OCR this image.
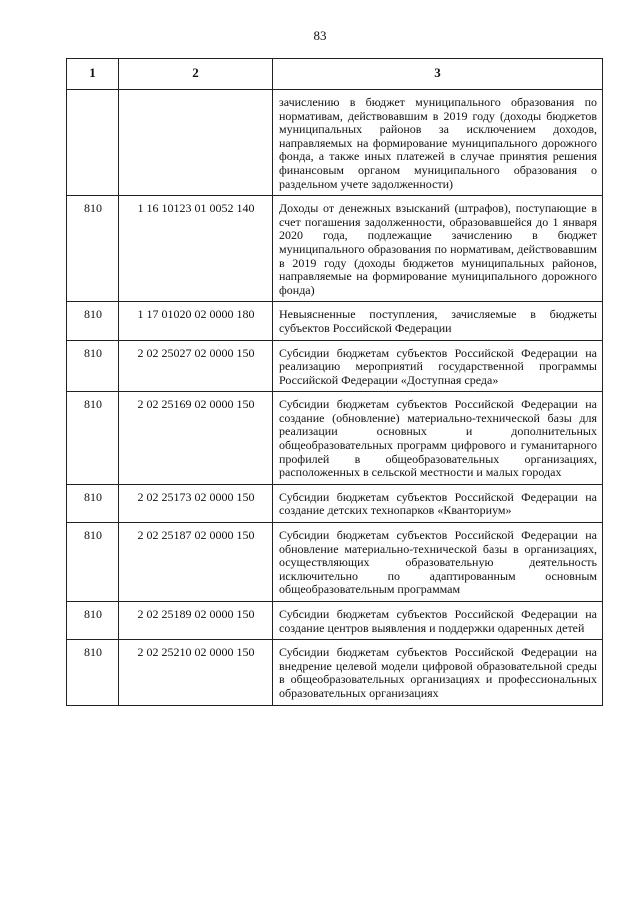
83
1	2	3
		зачислению в бюджет муниципального образования по нормативам, действовавшим в 2019 году (доходы бюджетов муниципальных районов за исключением доходов, направляемых на формирование муниципального дорожного фонда, а также иных платежей в случае принятия решения финансовым органом муниципального образования о раздельном учете задолженности)
810	1 16 10123 01 0052 140	Доходы от денежных взысканий (штрафов), поступающие в счет погашения задолженности, образовавшейся до 1 января 2020 года, подлежащие зачислению в бюджет муниципального образования по нормативам, действовавшим в 2019 году (доходы бюджетов муниципальных районов, направляемые на формирование муниципального дорожного фонда)
810	1 17 01020 02 0000 180	Невыясненные поступления, зачисляемые в бюджеты субъектов Российской Федерации
810	2 02 25027 02 0000 150	Субсидии бюджетам субъектов Российской Федерации на реализацию мероприятий государственной программы Российской Федерации «Доступная среда»
810	2 02 25169 02 0000 150	Субсидии бюджетам субъектов Российской Федерации на создание (обновление) материально-технической базы для реализации основных и дополнительных общеобразовательных программ цифрового и гуманитарного профилей в общеобразовательных организациях, расположенных в сельской местности и малых городах
810	2 02 25173 02 0000 150	Субсидии бюджетам субъектов Российской Федерации на создание детских технопарков «Кванториум»
810	2 02 25187 02 0000 150	Субсидии бюджетам субъектов Российской Федерации на обновление материально-технической базы в организациях, осуществляющих образовательную деятельность исключительно по адаптированным основным общеобразовательным программам
810	2 02 25189 02 0000 150	Субсидии бюджетам субъектов Российской Федерации на создание центров выявления и поддержки одаренных детей
810	2 02 25210 02 0000 150	Субсидии бюджетам субъектов Российской Федерации на внедрение целевой модели цифровой образовательной среды в общеобразовательных организациях и профессиональных образовательных организациях
